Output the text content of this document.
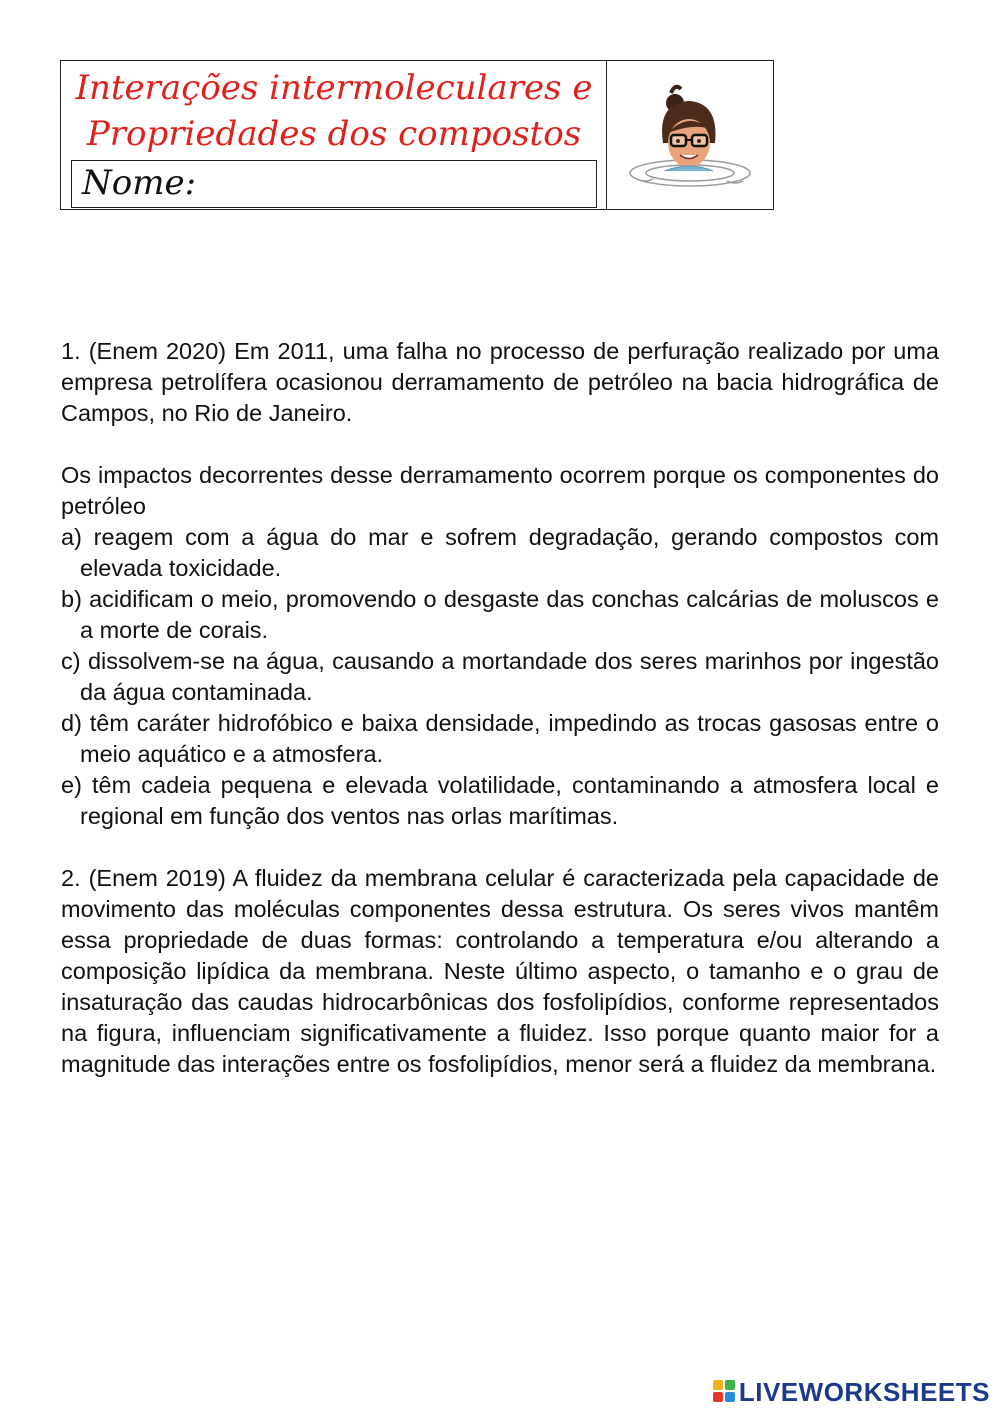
Interações intermoleculares e
Propriedades dos compostos
Nome:

1. (Enem 2020) Em 2011, uma falha no processo de perfuração realizado por uma empresa petrolífera ocasionou derramamento de petróleo na bacia hidrográfica de Campos, no Rio de Janeiro.

Os impactos decorrentes desse derramamento ocorrem porque os componentes do petróleo

a) reagem com a água do mar e sofrem degradação, gerando compostos com elevada toxicidade.

b) acidificam o meio, promovendo o desgaste das conchas calcárias de moluscos e a morte de corais.

c) dissolvem-se na água, causando a mortandade dos seres marinhos por ingestão da água contaminada.

d) têm caráter hidrofóbico e baixa densidade, impedindo as trocas gasosas entre o meio aquático e a atmosfera.

e) têm cadeia pequena e elevada volatilidade, contaminando a atmosfera local e regional em função dos ventos nas orlas marítimas.

2. (Enem 2019) A fluidez da membrana celular é caracterizada pela capacidade de movimento das moléculas componentes dessa estrutura. Os seres vivos mantêm essa propriedade de duas formas: controlando a temperatura e/ou alterando a composição lipídica da membrana. Neste último aspecto, o tamanho e o grau de insaturação das caudas hidrocarbônicas dos fosfolipídios, conforme representados na figura, influenciam significativamente a fluidez. Isso porque quanto maior for a magnitude das interações entre os fosfolipídios, menor será a fluidez da membrana.

LIVEWORKSHEETS
